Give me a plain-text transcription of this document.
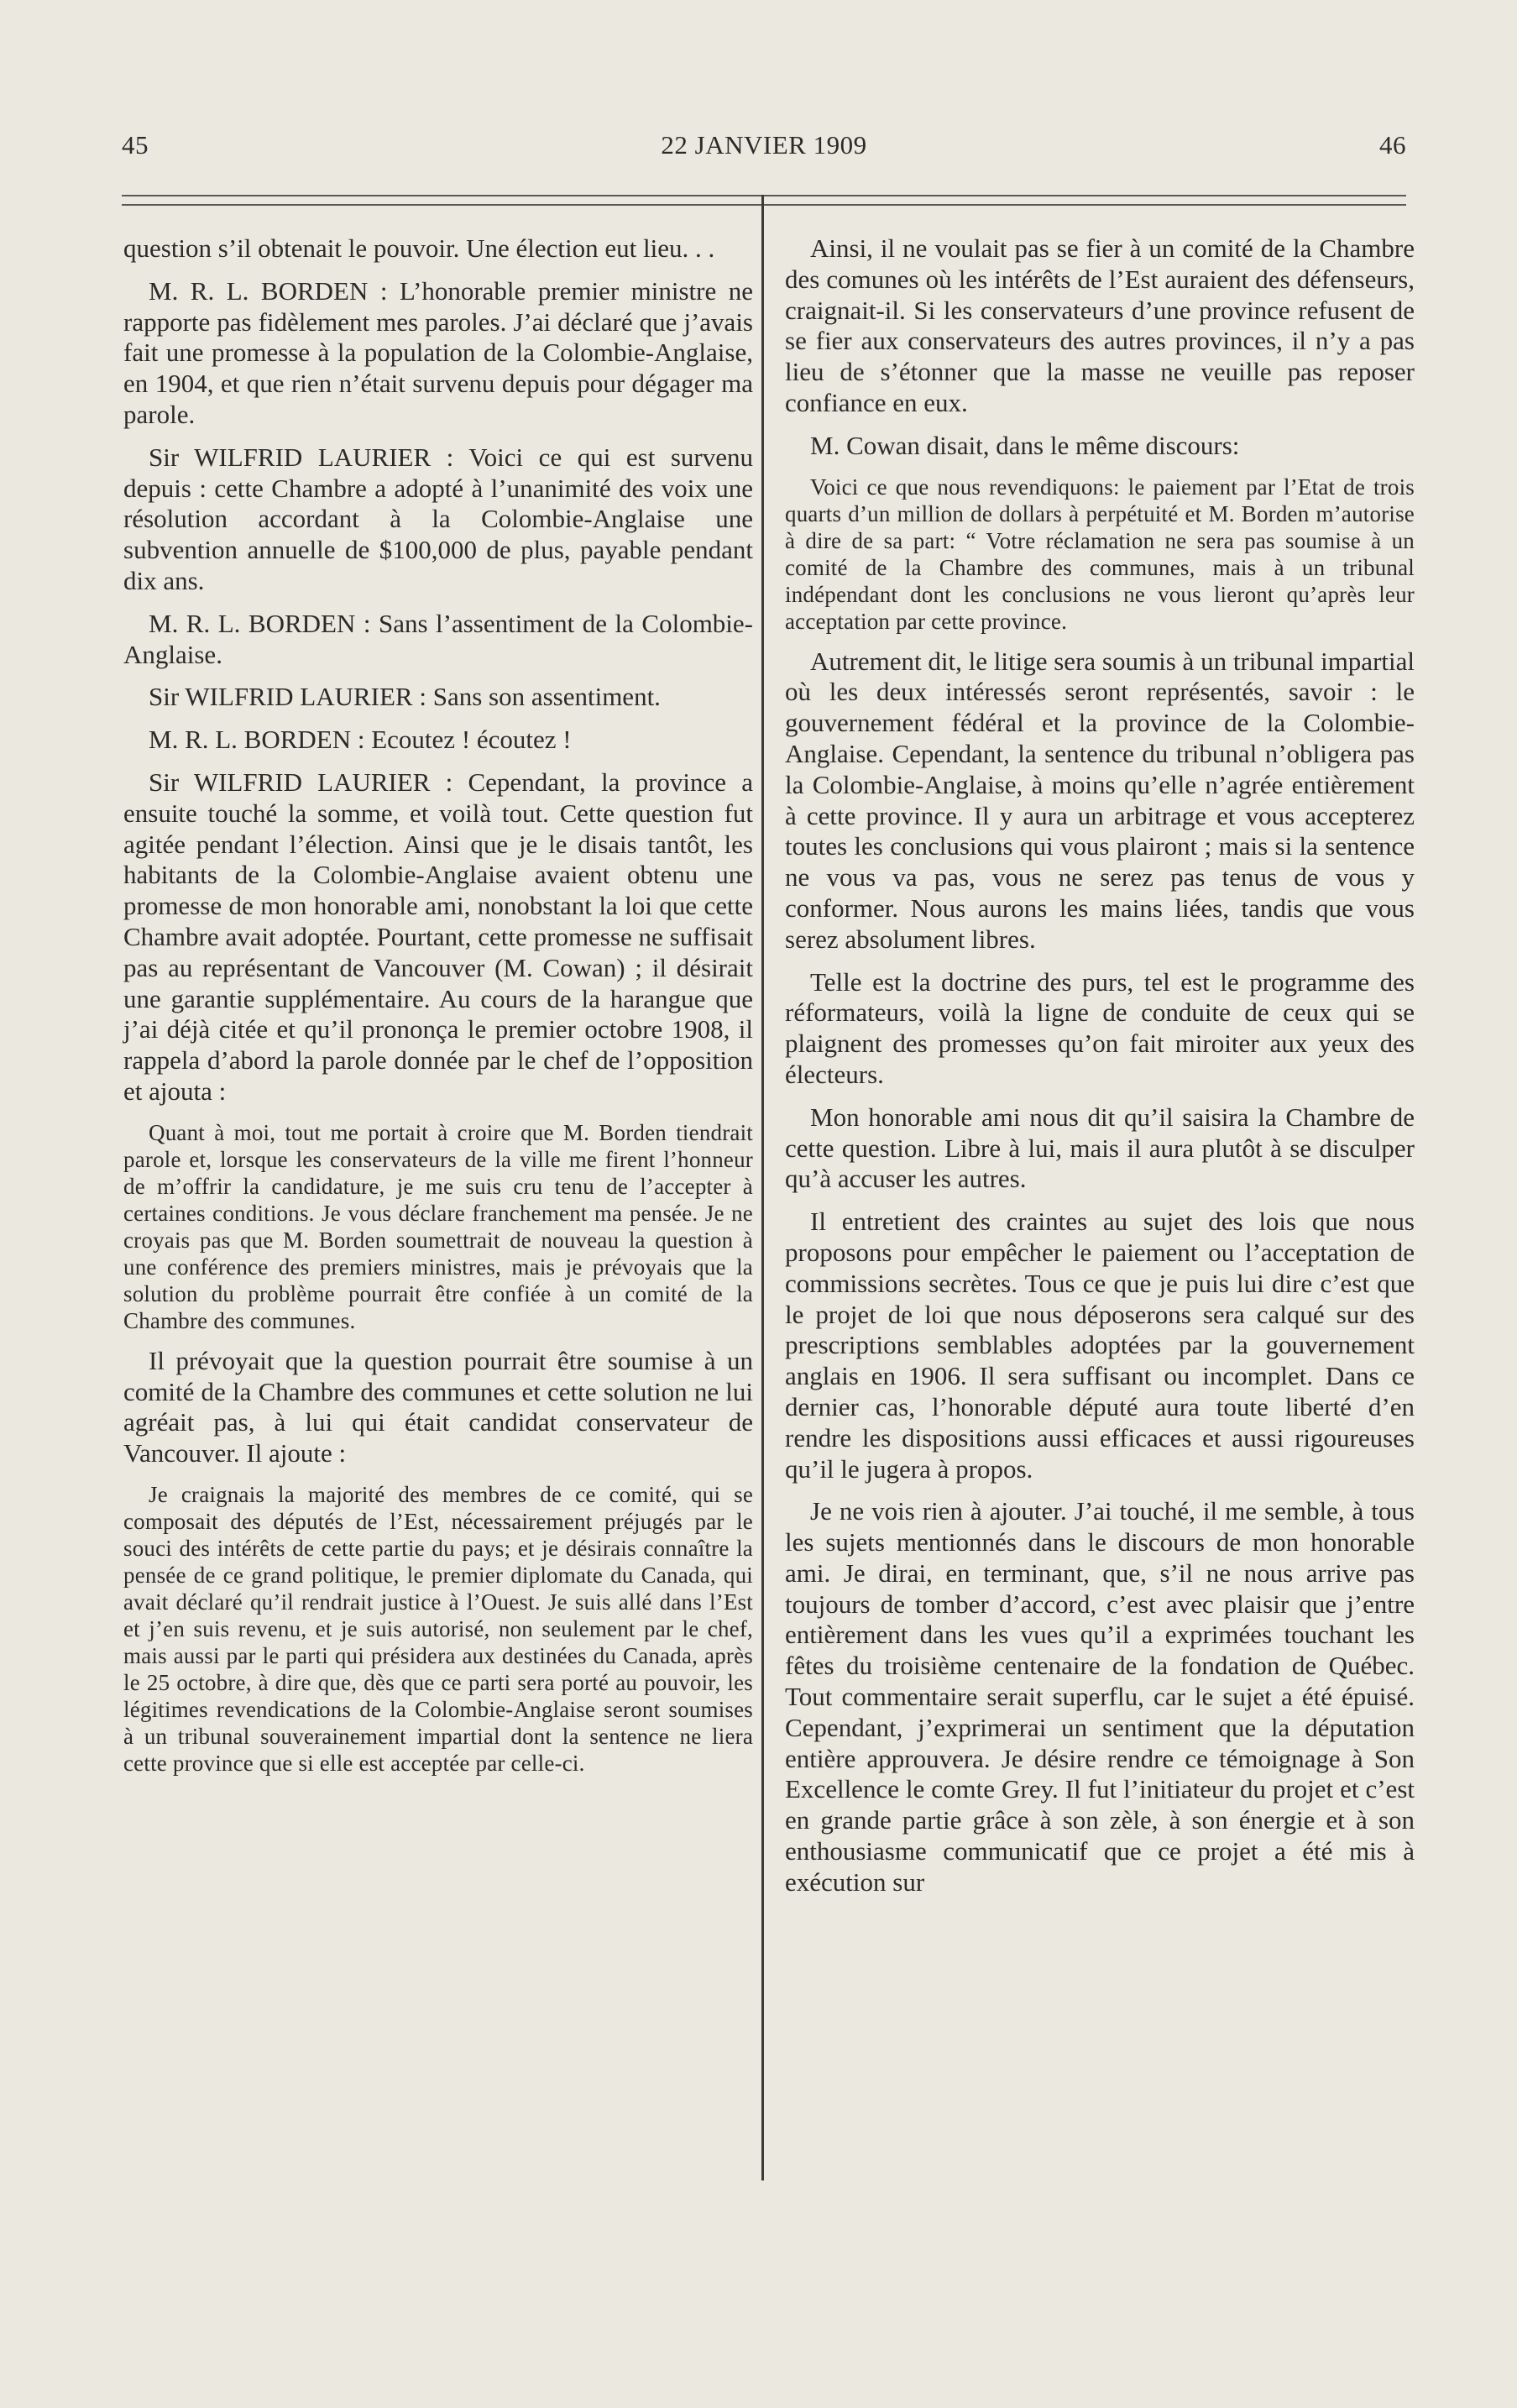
45	22 JANVIER 1909	46

question s’il obtenait le pouvoir. Une élection eut lieu. . .

M. R. L. BORDEN : L’honorable premier ministre ne rapporte pas fidèlement mes paroles. J’ai déclaré que j’avais fait une promesse à la population de la Colombie-Anglaise, en 1904, et que rien n’était survenu depuis pour dégager ma parole.

Sir WILFRID LAURIER : Voici ce qui est survenu depuis : cette Chambre a adopté à l’unanimité des voix une résolution accordant à la Colombie-Anglaise une subvention annuelle de $100,000 de plus, payable pendant dix ans.

M. R. L. BORDEN : Sans l’assentiment de la Colombie-Anglaise.

Sir WILFRID LAURIER : Sans son assentiment.

M. R. L. BORDEN : Ecoutez ! écoutez !

Sir WILFRID LAURIER : Cependant, la province a ensuite touché la somme, et voilà tout. Cette question fut agitée pendant l’élection. Ainsi que je le disais tantôt, les habitants de la Colombie-Anglaise avaient obtenu une promesse de mon honorable ami, nonobstant la loi que cette Chambre avait adoptée. Pourtant, cette promesse ne suffisait pas au représentant de Vancouver (M. Cowan) ; il désirait une garantie supplémentaire. Au cours de la harangue que j’ai déjà citée et qu’il prononça le premier octobre 1908, il rappela d’abord la parole donnée par le chef de l’opposition et ajouta :

Quant à moi, tout me portait à croire que M. Borden tiendrait parole et, lorsque les conservateurs de la ville me firent l’honneur de m’offrir la candidature, je me suis cru tenu de l’accepter à certaines conditions. Je vous déclare franchement ma pensée. Je ne croyais pas que M. Borden soumettrait de nouveau la question à une conférence des premiers ministres, mais je prévoyais que la solution du problème pourrait être confiée à un comité de la Chambre des communes.

Il prévoyait que la question pourrait être soumise à un comité de la Chambre des communes et cette solution ne lui agréait pas, à lui qui était candidat conservateur de Vancouver. Il ajoute :

Je craignais la majorité des membres de ce comité, qui se composait des députés de l’Est, nécessairement préjugés par le souci des intérêts de cette partie du pays; et je désirais connaître la pensée de ce grand politique, le premier diplomate du Canada, qui avait déclaré qu’il rendrait justice à l’Ouest. Je suis allé dans l’Est et j’en suis revenu, et je suis autorisé, non seulement par le chef, mais aussi par le parti qui présidera aux destinées du Canada, après le 25 octobre, à dire que, dès que ce parti sera porté au pouvoir, les légitimes revendications de la Colombie-Anglaise seront soumises à un tribunal souverainement impartial dont la sentence ne liera cette province que si elle est acceptée par celle-ci.

Ainsi, il ne voulait pas se fier à un comité de la Chambre des comunes où les intérêts de l’Est auraient des défenseurs, craignait-il. Si les conservateurs d’une province refusent de se fier aux conservateurs des autres provinces, il n’y a pas lieu de s’étonner que la masse ne veuille pas reposer confiance en eux.

M. Cowan disait, dans le même discours:

Voici ce que nous revendiquons: le paiement par l’Etat de trois quarts d’un million de dollars à perpétuité et M. Borden m’autorise à dire de sa part: “ Votre réclamation ne sera pas soumise à un comité de la Chambre des communes, mais à un tribunal indépendant dont les conclusions ne vous lieront qu’après leur acceptation par cette province.

Autrement dit, le litige sera soumis à un tribunal impartial où les deux intéressés seront représentés, savoir : le gouvernement fédéral et la province de la Colombie-Anglaise. Cependant, la sentence du tribunal n’obligera pas la Colombie-Anglaise, à moins qu’elle n’agrée entièrement à cette province. Il y aura un arbitrage et vous accepterez toutes les conclusions qui vous plairont ; mais si la sentence ne vous va pas, vous ne serez pas tenus de vous y conformer. Nous aurons les mains liées, tandis que vous serez absolument libres.

Telle est la doctrine des purs, tel est le programme des réformateurs, voilà la ligne de conduite de ceux qui se plaignent des promesses qu’on fait miroiter aux yeux des électeurs.

Mon honorable ami nous dit qu’il saisira la Chambre de cette question. Libre à lui, mais il aura plutôt à se disculper qu’à accuser les autres.

Il entretient des craintes au sujet des lois que nous proposons pour empêcher le paiement ou l’acceptation de commissions secrètes. Tous ce que je puis lui dire c’est que le projet de loi que nous déposerons sera calqué sur des prescriptions semblables adoptées par la gouvernement anglais en 1906. Il sera suffisant ou incomplet. Dans ce dernier cas, l’honorable député aura toute liberté d’en rendre les dispositions aussi efficaces et aussi rigoureuses qu’il le jugera à propos.

Je ne vois rien à ajouter. J’ai touché, il me semble, à tous les sujets mentionnés dans le discours de mon honorable ami. Je dirai, en terminant, que, s’il ne nous arrive pas toujours de tomber d’accord, c’est avec plaisir que j’entre entièrement dans les vues qu’il a exprimées touchant les fêtes du troisième centenaire de la fondation de Québec. Tout commentaire serait superflu, car le sujet a été épuisé. Cependant, j’exprimerai un sentiment que la députation entière approuvera. Je désire rendre ce témoignage à Son Excellence le comte Grey. Il fut l’initiateur du projet et c’est en grande partie grâce à son zèle, à son énergie et à son enthousiasme communicatif que ce projet a été mis à exécution sur
